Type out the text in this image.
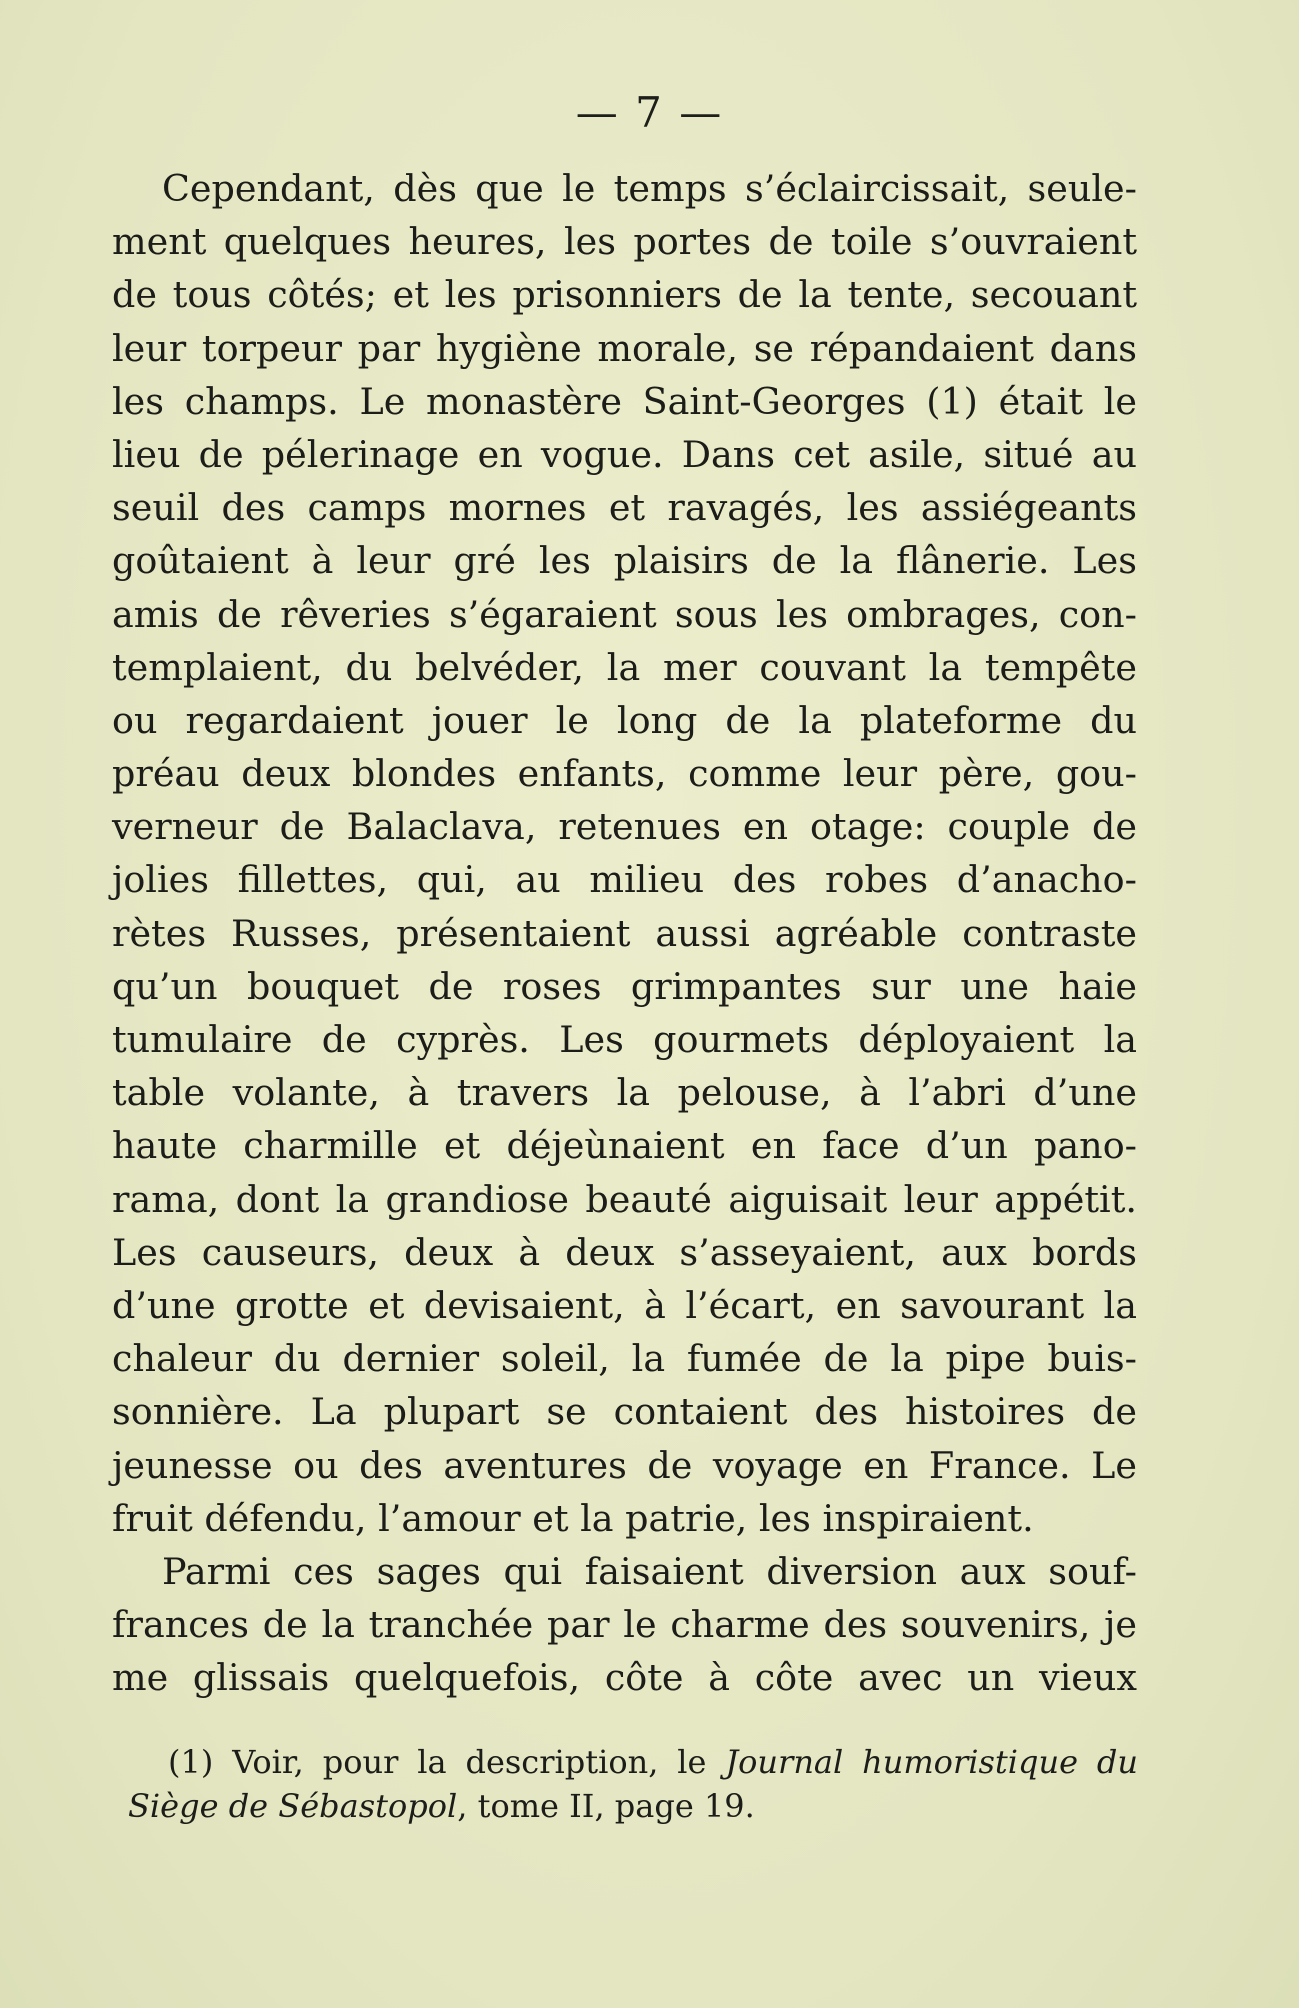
— 7 —
Cependant, dès que le temps s’éclaircissait, seule-
ment quelques heures, les portes de toile s’ouvraient
de tous côtés; et les prisonniers de la tente, secouant
leur torpeur par hygiène morale, se répandaient dans
les champs. Le monastère Saint-Georges (1) était le
lieu de pélerinage en vogue. Dans cet asile, situé au
seuil des camps mornes et ravagés, les assiégeants
goûtaient à leur gré les plaisirs de la flânerie. Les
amis de rêveries s’égaraient sous les ombrages, con-
templaient, du belvéder, la mer couvant la tempête
ou regardaient jouer le long de la plateforme du
préau deux blondes enfants, comme leur père, gou-
verneur de Balaclava, retenues en otage: couple de
jolies fillettes, qui, au milieu des robes d’anacho-
rètes Russes, présentaient aussi agréable contraste
qu’un bouquet de roses grimpantes sur une haie
tumulaire de cyprès. Les gourmets déployaient la
table volante, à travers la pelouse, à l’abri d’une
haute charmille et déjeùnaient en face d’un pano-
rama, dont la grandiose beauté aiguisait leur appétit.
Les causeurs, deux à deux s’asseyaient, aux bords
d’une grotte et devisaient, à l’écart, en savourant la
chaleur du dernier soleil, la fumée de la pipe buis-
sonnière. La plupart se contaient des histoires de
jeunesse ou des aventures de voyage en France. Le
fruit défendu, l’amour et la patrie, les inspiraient.
Parmi ces sages qui faisaient diversion aux souf-
frances de la tranchée par le charme des souvenirs, je
me glissais quelquefois, côte à côte avec un vieux
(1) Voir, pour la description, le Journal humoristique du
Siège de Sébastopol, tome II, page 19.
